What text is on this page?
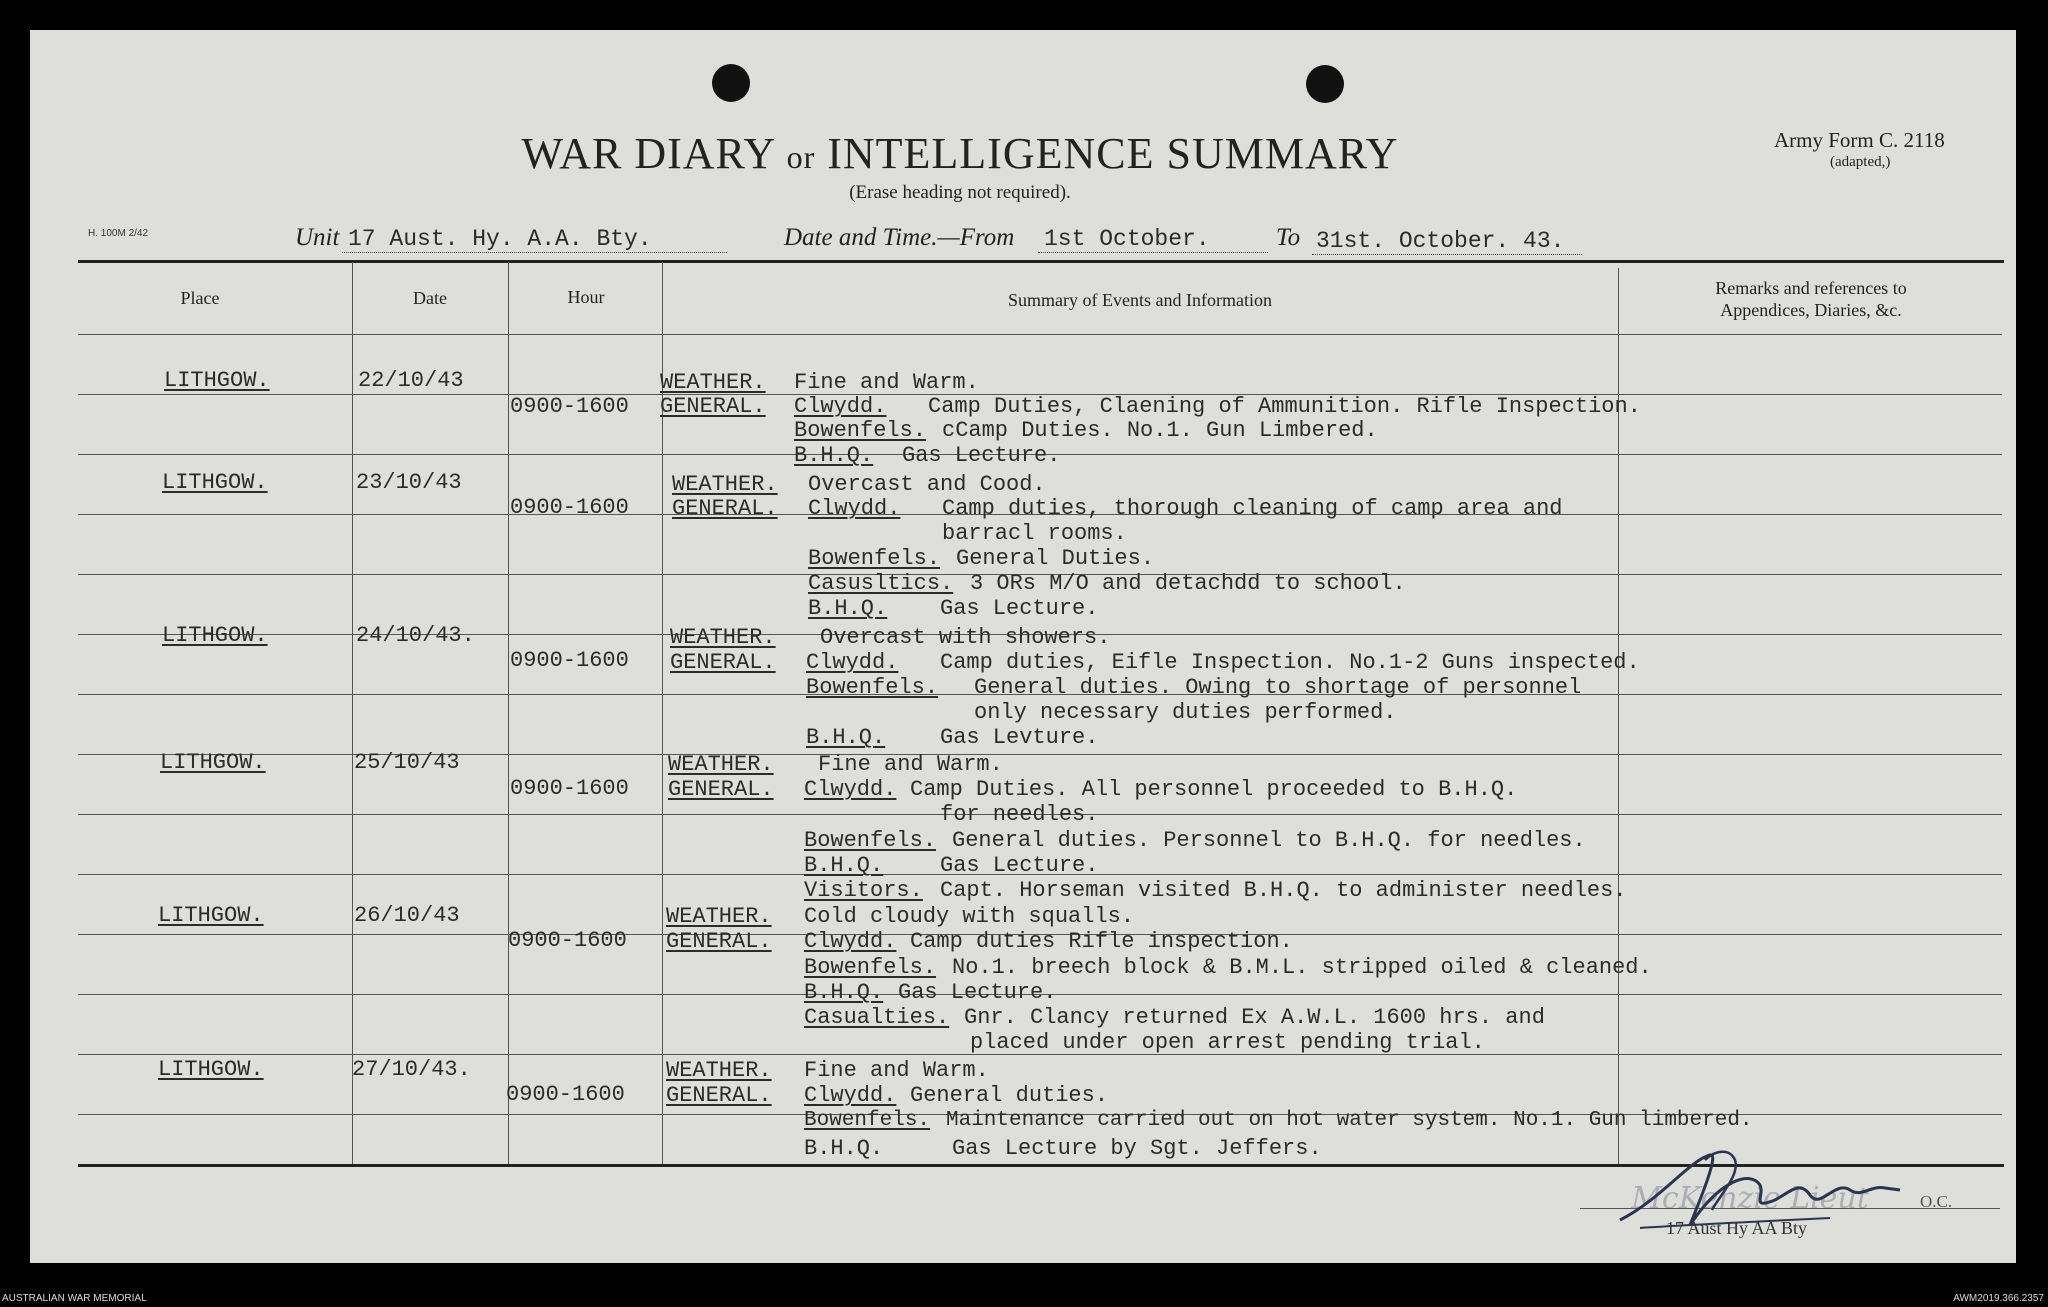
H. 100M 2/42
WAR DIARY or INTELLIGENCE SUMMARY
(Erase heading not required).
Army Form C. 2118
(adapted,)
Unit 17 Aust. Hy. A.A. Bty.	Date and Time.—From 1st October.	To 31st. October. 43.
Place	Date	Hour	Summary of Events and Information
Remarks and references to
Appendices, Diaries, &c.
LITHGOW.	22/10/43
0900-1600
WEATHER. Fine and Warm.
GENERAL. Clwydd. Camp Duties, Claening of Ammunition. Rifle Inspection.
Bowenfels. cCamp Duties. No.1. Gun Limbered.
B.H.Q. Gas Lecture.
LITHGOW.	23/10/43
0900-1600
WEATHER. Overcast and Cood.
GENERAL. Clwydd. Camp duties, thorough cleaning of camp area and
barracl rooms.
Bowenfels. General Duties.
Casusltics. 3 ORs M/O and detachdd to school.
B.H.Q. Gas Lecture.
LITHGOW.	24/10/43.
0900-1600
WEATHER. Overcast with showers.
GENERAL. Clwydd. Camp duties, Eifle Inspection. No.1-2 Guns inspected.
Bowenfels. General duties. Owing to shortage of personnel
only necessary duties performed.
B.H.Q. Gas Levture.
LITHGOW.	25/10/43
0900-1600
WEATHER. Fine and Warm.
GENERAL. Clwydd. Camp Duties. All personnel proceeded to B.H.Q.
for needles.
Bowenfels. General duties. Personnel to B.H.Q. for needles.
B.H.Q.	Gas Lecture.
Visitors. Capt. Horseman visited B.H.Q. to administer needles.
LITHGOW.	26/10/43
0900-1600
WEATHER. Cold cloudy with squalls.
GENERAL. Clwydd. Camp duties Rifle inspection.
Bowenfels. No.1. breech block & B.M.L. stripped oiled & cleaned.
B.H.Q. Gas Lecture.
Casualties. Gnr. Clancy returned Ex A.W.L. 1600 hrs. and
placed under open arrest pending trial.
LITHGOW.	27/10/43.
0900-1600
WEATHER. Fine and Warm.
GENERAL. Clwydd. General duties.
Bowenfels. Maintenance carried out on hot water system. No.1. Gun limbered.
B.H.Q.	Gas Lecture by Sgt. Jeffers.
McKenzie Lieut	O.C.
17 Aust Hy AA Bty
AUSTRALIAN WAR MEMORIAL	AWM2019.366.2357
